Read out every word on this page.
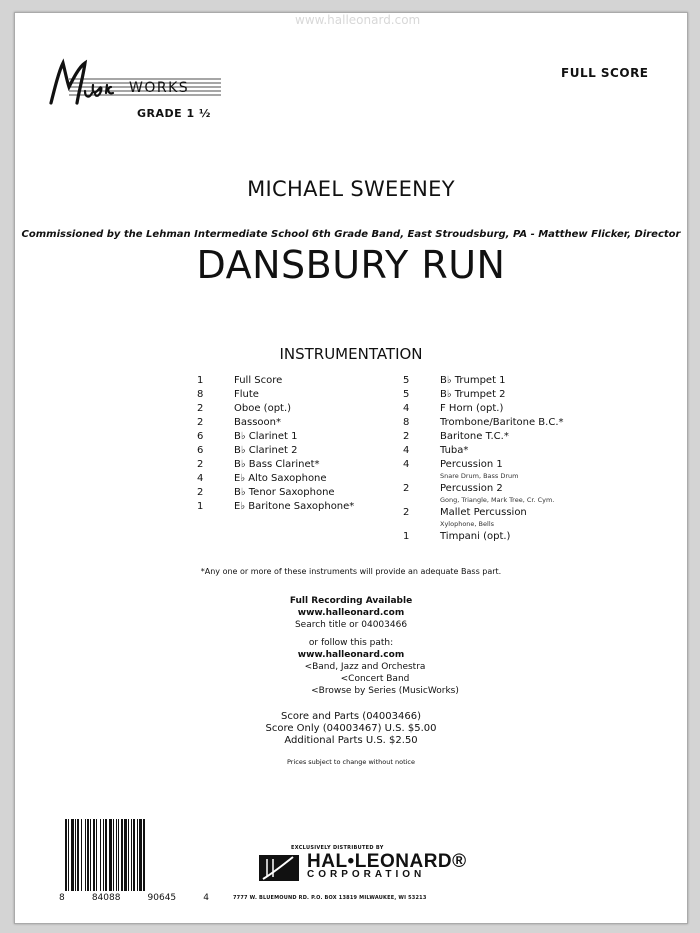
www.halleonard.com
WORKS
GRADE 1 ½
FULL SCORE
MICHAEL SWEENEY
Commissioned by the Lehman Intermediate School 6th Grade Band, East Stroudsburg, PA - Matthew Flicker, Director
DANSBURY RUN
INSTRUMENTATION
1	Full Score
8	Flute
2	Oboe (opt.)
2	Bassoon*
6	B♭ Clarinet 1
6	B♭ Clarinet 2
2	B♭ Bass Clarinet*
4	E♭ Alto Saxophone
2	B♭ Tenor Saxophone
1	E♭ Baritone Saxophone*
5	B♭ Trumpet 1
5	B♭ Trumpet 2
4	F Horn (opt.)
8	Trombone/Baritone B.C.*
2	Baritone T.C.*
4	Tuba*
4	Percussion 1
Snare Drum, Bass Drum
2	Percussion 2
Gong, Triangle, Mark Tree, Cr. Cym.
2	Mallet Percussion
Xylophone, Bells
1	Timpani (opt.)
*Any one or more of these instruments will provide an adequate Bass part.
Full Recording Available
www.halleonard.com
Search title or 04003466
or follow this path:
www.halleonard.com
<Band, Jazz and Orchestra
<Concert Band
<Browse by Series (MusicWorks)
Score and Parts (04003466)
Score Only (04003467) U.S. $5.00
Additional Parts U.S. $2.50
Prices subject to change without notice
8	84088	90645	4
EXCLUSIVELY DISTRIBUTED BY
HAL•LEONARD®
CORPORATION
7777 W. BLUEMOUND RD. P.O. BOX 13819 MILWAUKEE, WI 53213
